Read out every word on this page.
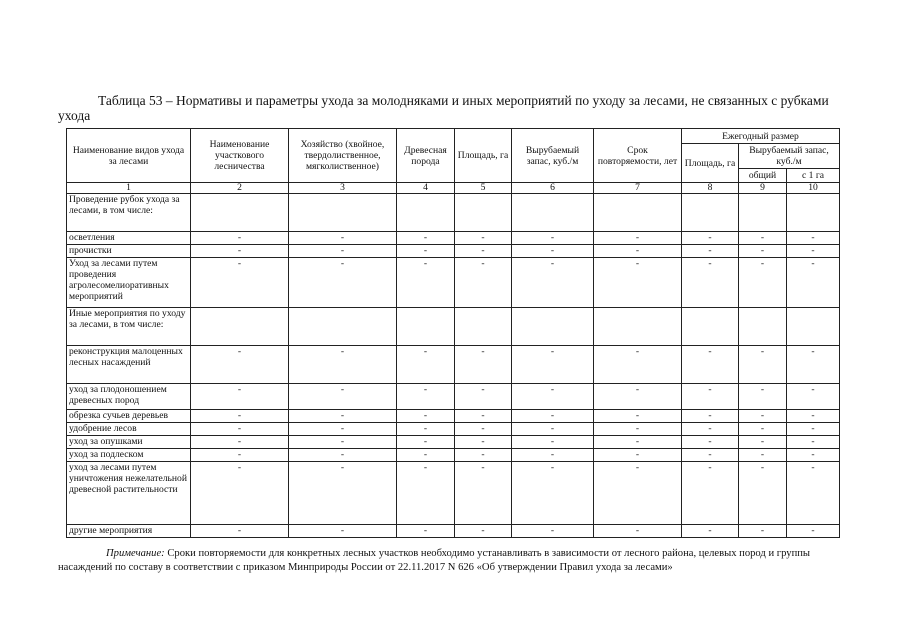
Таблица 53 – Нормативы и параметры ухода за молодняками и иных мероприятий по уходу за лесами, не связанных с рубками ухода
Наименование видов ухода за лесами	Наименование участкового лесничества	Хозяйство (хвойное, твердолиственное, мягколиственное)	Древесная порода	Площадь, га	Вырубаемый запас, куб./м	Срок повторяемости, лет	Ежегодный размер		
							Площадь, га	Вырубаемый запас, куб./м	
								общий	с 1 га
1	2	3	4	5	6	7	8	9	10
Проведение рубок ухода за лесами, в том числе:									
осветления	-	-	-	-	-	-	-	-	-
прочистки	-	-	-	-	-	-	-	-	-
Уход за лесами путем проведения агролесомелиоративных мероприятий	-	-	-	-	-	-	-	-	-
Иные мероприятия по уходу за лесами, в том числе:									
реконструкция малоценных лесных насаждений	-	-	-	-	-	-	-	-	-
уход за плодоношением древесных пород	-	-	-	-	-	-	-	-	-
обрезка сучьев деревьев	-	-	-	-	-	-	-	-	-
удобрение лесов	-	-	-	-	-	-	-	-	-
уход за опушками	-	-	-	-	-	-	-	-	-
уход за подлеском	-	-	-	-	-	-	-	-	-
уход за лесами путем уничтожения нежелательной древесной растительности	-	-	-	-	-	-	-	-	-
другие мероприятия	-	-	-	-	-	-	-	-	-
Примечание: Сроки повторяемости для конкретных лесных участков необходимо устанавливать в зависимости от лесного района, целевых пород и группы насаждений по составу в соответствии с приказом Минприроды России от 22.11.2017 N 626 «Об утверждении Правил ухода за лесами»
